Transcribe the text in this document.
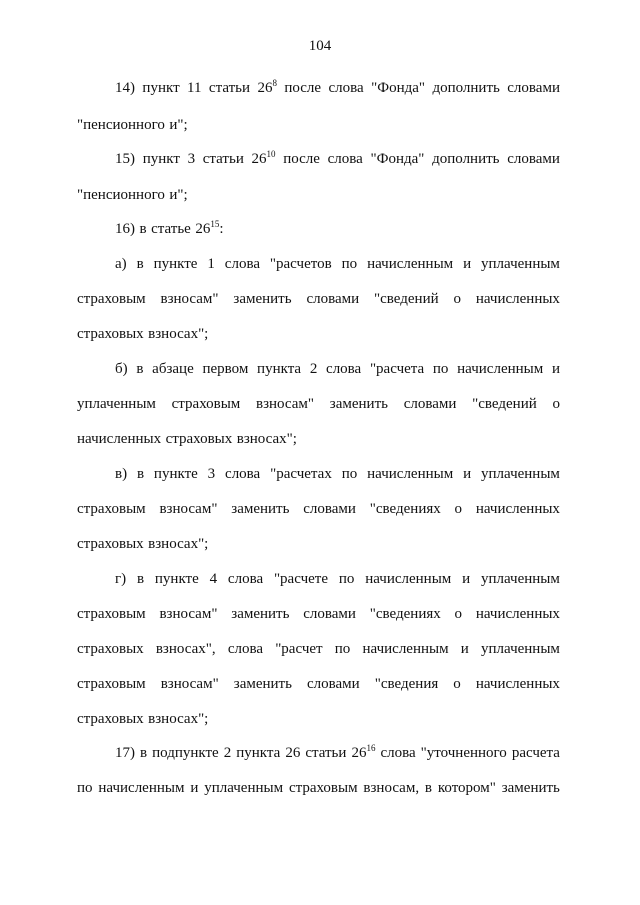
104
14) пункт 11 статьи $26^8$ после слова "Фонда" дополнить словами
"пенсионного и";
15) пункт 3 статьи $26^{10}$ после слова "Фонда" дополнить словами
"пенсионного и";
16) в статье $26^{15}$:
а) в пункте 1 слова "расчетов по начисленным и уплаченным
страховым взносам" заменить словами "сведений о начисленных
страховых взносах";
б) в абзаце первом пункта 2 слова "расчета по начисленным и
уплаченным страховым взносам" заменить словами "сведений о
начисленных страховых взносах";
в) в пункте 3 слова "расчетах по начисленным и уплаченным
страховым взносам" заменить словами "сведениях о начисленных
страховых взносах";
г) в пункте 4 слова "расчете по начисленным и уплаченным
страховым взносам" заменить словами "сведениях о начисленных
страховых взносах", слова "расчет по начисленным и уплаченным
страховым взносам" заменить словами "сведения о начисленных
страховых взносах";
17) в подпункте 2 пункта 26 статьи $26^{16}$ слова "уточненного расчета
по начисленным и уплаченным страховым взносам, в котором" заменить
